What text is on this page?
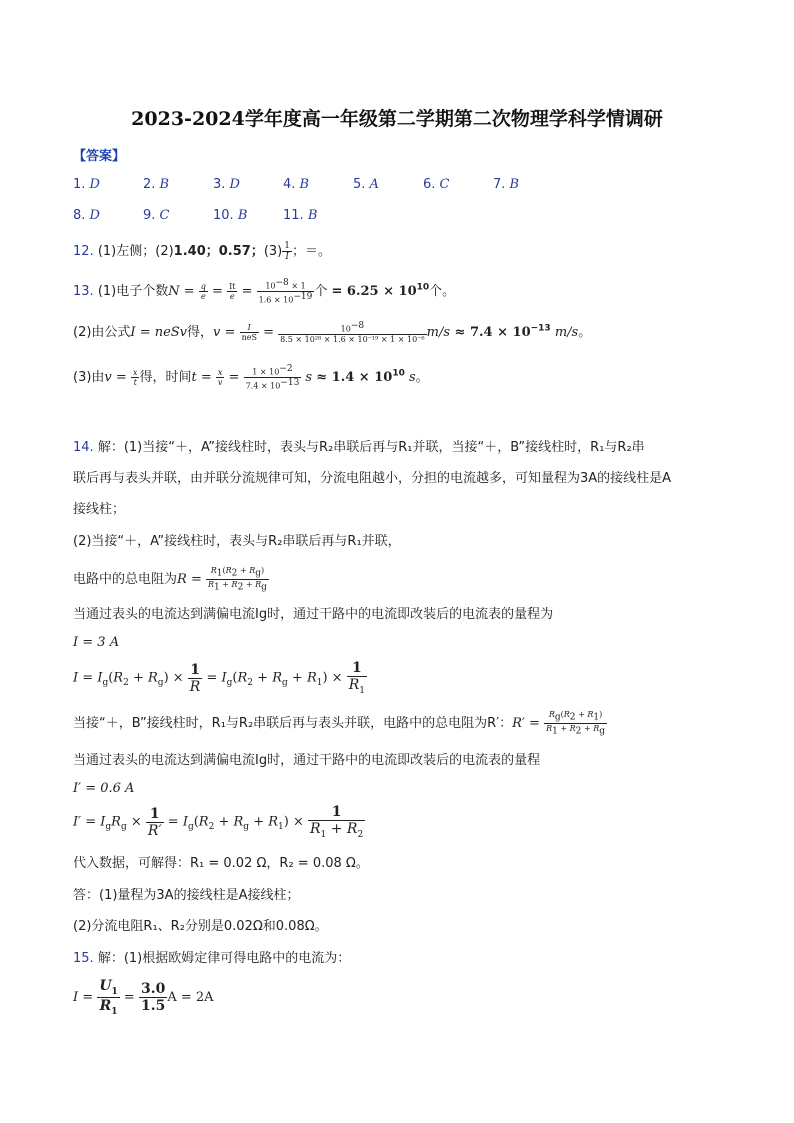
2023-2024学年度高一年级第二学期第二次物理学科学情调研
【答案】
1. D	2. B	3. D	4. B	5. A	6. C	7. B
8. D	9. C	10. B	11. B
12. (1)左侧；(2)1.40；0.57；$(3) \frac{1}{I}$ ；＝。
13. (1)电子个数$N = \frac{q}{e} = \frac{It}{e} = \frac{10^{-8} \times 1}{1.6 \times 10^{-19}}$ 个 = $6.25 \times 10^{10}$个。
(2)由公式I = neSv得，$v = \frac{I}{\text{neS}} = \frac{10^{-8}}{\text{8.5 × 10²⁸ × 1.6 × 10⁻¹⁹ × 1 × 10⁻⁶}} m/s \approx 7.4 \times 10^{-13}$ m/s。
(3)由$v = \frac{x}{t}$ 得，时间$t = \frac{x}{v} = \frac{1 \times 10^{-2}}{7.4 \times 10^{-13}}$ $s \approx 1.4 \times 10^{10}$ s。
14. 解：(1)当接“＋，A”接线柱时，表头与R₂串联后再与R₁并联，当接“＋，B”接线柱时，R₁与R₂串
联后再与表头并联，由并联分流规律可知，分流电阻越小，分担的电流越多，可知量程为3A的接线柱是A
接线柱；
(2)当接“＋，A”接线柱时，表头与R₂串联后再与R₁并联，
电路中的总电阻为$R = \frac{R_1(R_2 + R_g)}{R_1 + R_2 + R_g}$
当通过表头的电流达到满偏电流Ig时，通过干路中的电流即改装后的电流表的量程为
I = 3 A
$I = I_g(R_2 + R_g) \times \frac{1}{R} = I_g(R_2 + R_g + R_1) \times \frac{1}{R_1}$
当接“＋，B”接线柱时，R₁与R₂串联后再与表头并联，电路中的总电阻为R′：$R' = \frac{R_g(R_2 + R_1)}{R_1 + R_2 + R_g}$
当通过表头的电流达到满偏电流Ig时，通过干路中的电流即改装后的电流表的量程
I′ = 0.6 A
$I' = I_gR_g \times \frac{1}{R'} = I_g(R_2 + R_g + R_1) \times \frac{1}{R_1 + R_2}$
代入数据，可解得：R₁ = 0.02 Ω，R₂ = 0.08 Ω。
答：(1)量程为3A的接线柱是A接线柱；
(2)分流电阻R₁、R₂分别是0.02Ω和0.08Ω。
15. 解：(1)根据欧姆定律可得电路中的电流为：
$I = \frac{U_1}{R_1} = \frac{3.0}{1.5}$ A = 2A
